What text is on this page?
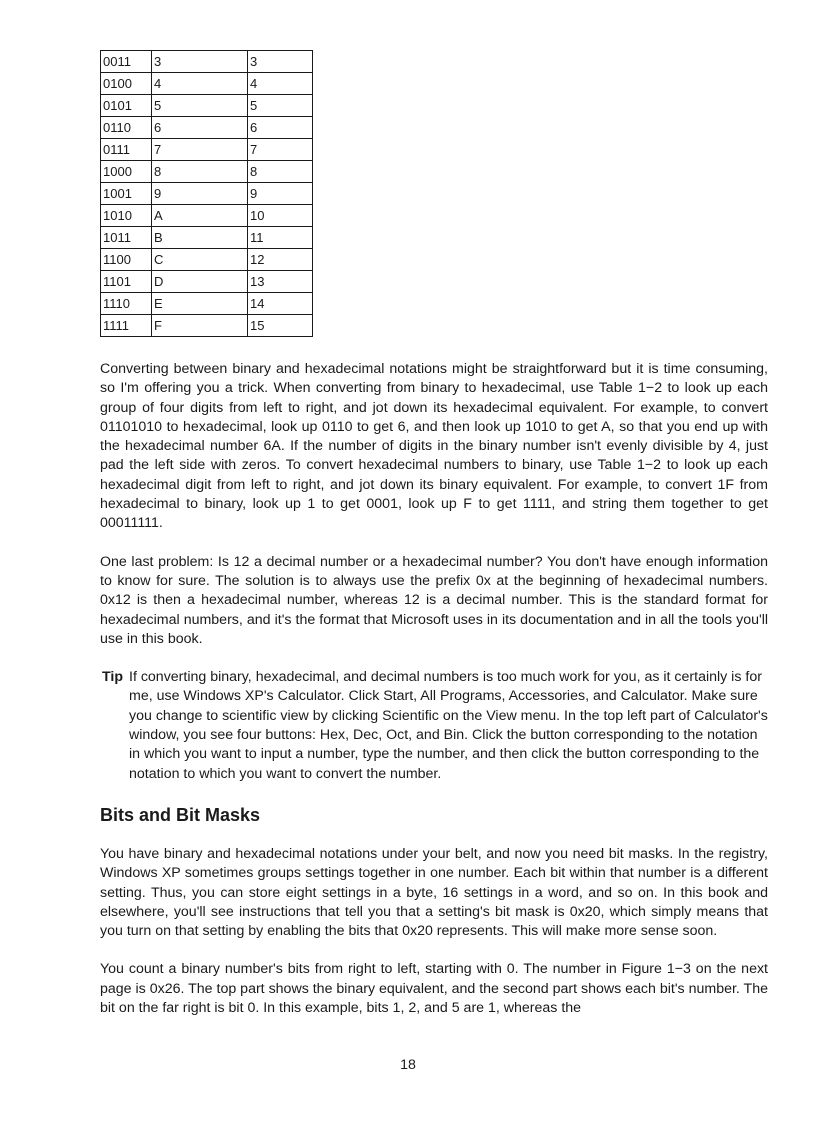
0011	3	3
0100	4	4
0101	5	5
0110	6	6
0111	7	7
1000	8	8
1001	9	9
1010	A	10
1011	B	11
1100	C	12
1101	D	13
1110	E	14
1111	F	15

Converting between binary and hexadecimal notations might be straightforward but it is time consuming, so I'm offering you a trick. When converting from binary to hexadecimal, use Table 1−2 to look up each group of four digits from left to right, and jot down its hexadecimal equivalent. For example, to convert 01101010 to hexadecimal, look up 0110 to get 6, and then look up 1010 to get A, so that you end up with the hexadecimal number 6A. If the number of digits in the binary number isn't evenly divisible by 4, just pad the left side with zeros. To convert hexadecimal numbers to binary, use Table 1−2 to look up each hexadecimal digit from left to right, and jot down its binary equivalent. For example, to convert 1F from hexadecimal to binary, look up 1 to get 0001, look up F to get 1111, and string them together to get 00011111.

One last problem: Is 12 a decimal number or a hexadecimal number? You don't have enough information to know for sure. The solution is to always use the prefix 0x at the beginning of hexadecimal numbers. 0x12 is then a hexadecimal number, whereas 12 is a decimal number. This is the standard format for hexadecimal numbers, and it's the format that Microsoft uses in its documentation and in all the tools you'll use in this book.

Tip If converting binary, hexadecimal, and decimal numbers is too much work for you, as it certainly is for me, use Windows XP's Calculator. Click Start, All Programs, Accessories, and Calculator. Make sure you change to scientific view by clicking Scientific on the View menu. In the top left part of Calculator's window, you see four buttons: Hex, Dec, Oct, and Bin. Click the button corresponding to the notation in which you want to input a number, type the number, and then click the button corresponding to the notation to which you want to convert the number.

Bits and Bit Masks

You have binary and hexadecimal notations under your belt, and now you need bit masks. In the registry, Windows XP sometimes groups settings together in one number. Each bit within that number is a different setting. Thus, you can store eight settings in a byte, 16 settings in a word, and so on. In this book and elsewhere, you'll see instructions that tell you that a setting's bit mask is 0x20, which simply means that you turn on that setting by enabling the bits that 0x20 represents. This will make more sense soon.

You count a binary number's bits from right to left, starting with 0. The number in Figure 1−3 on the next page is 0x26. The top part shows the binary equivalent, and the second part shows each bit's number. The bit on the far right is bit 0. In this example, bits 1, 2, and 5 are 1, whereas the

18
